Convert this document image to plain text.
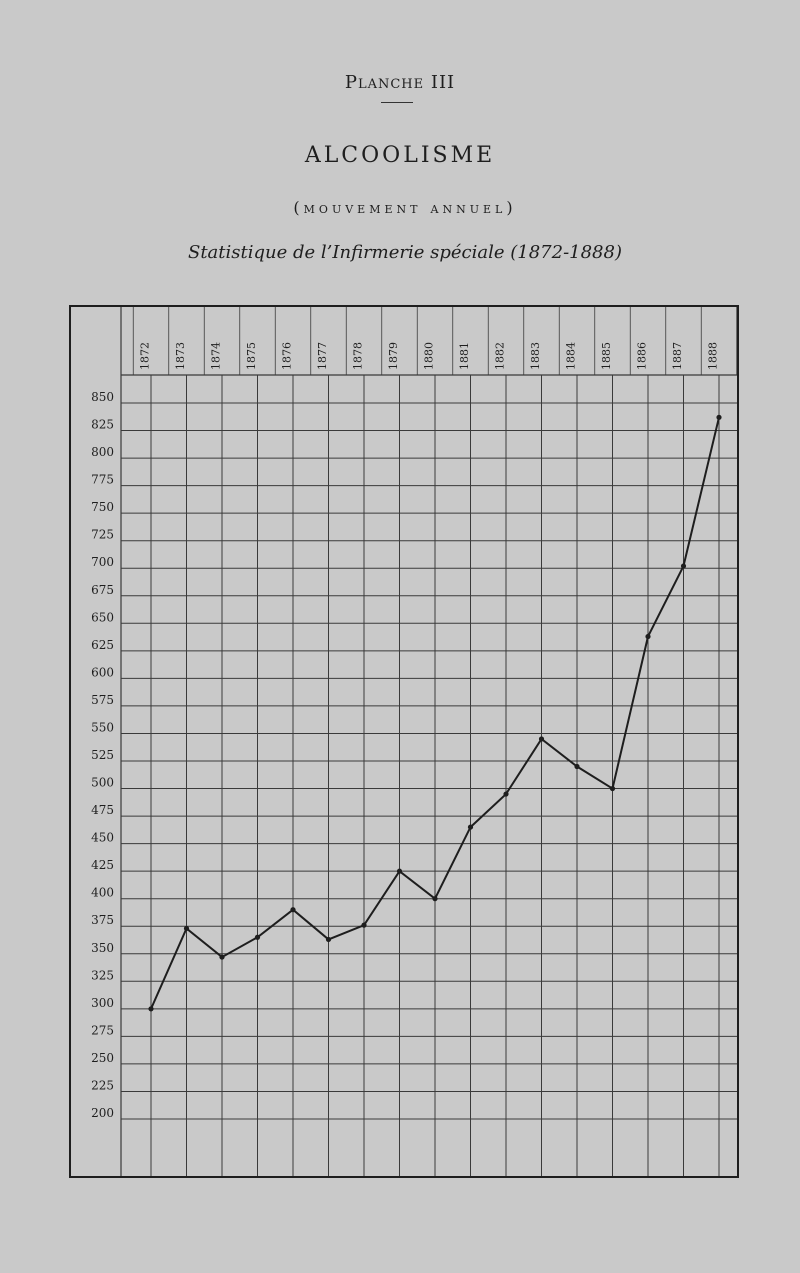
Planche III
ALCOOLISME
(mouvement annuel)
Statistique de l’Infirmerie spéciale (1872-1888)
850
825
800
775
750
725
700
675
650
625
600
575
550
525
500
475
450
425
400
375
350
325
300
275
250
225
200
1872 1873 1874 1875 1876 1877 1878 1879 1880 1881 1882 1883 1884 1885 1886 1887 1888
